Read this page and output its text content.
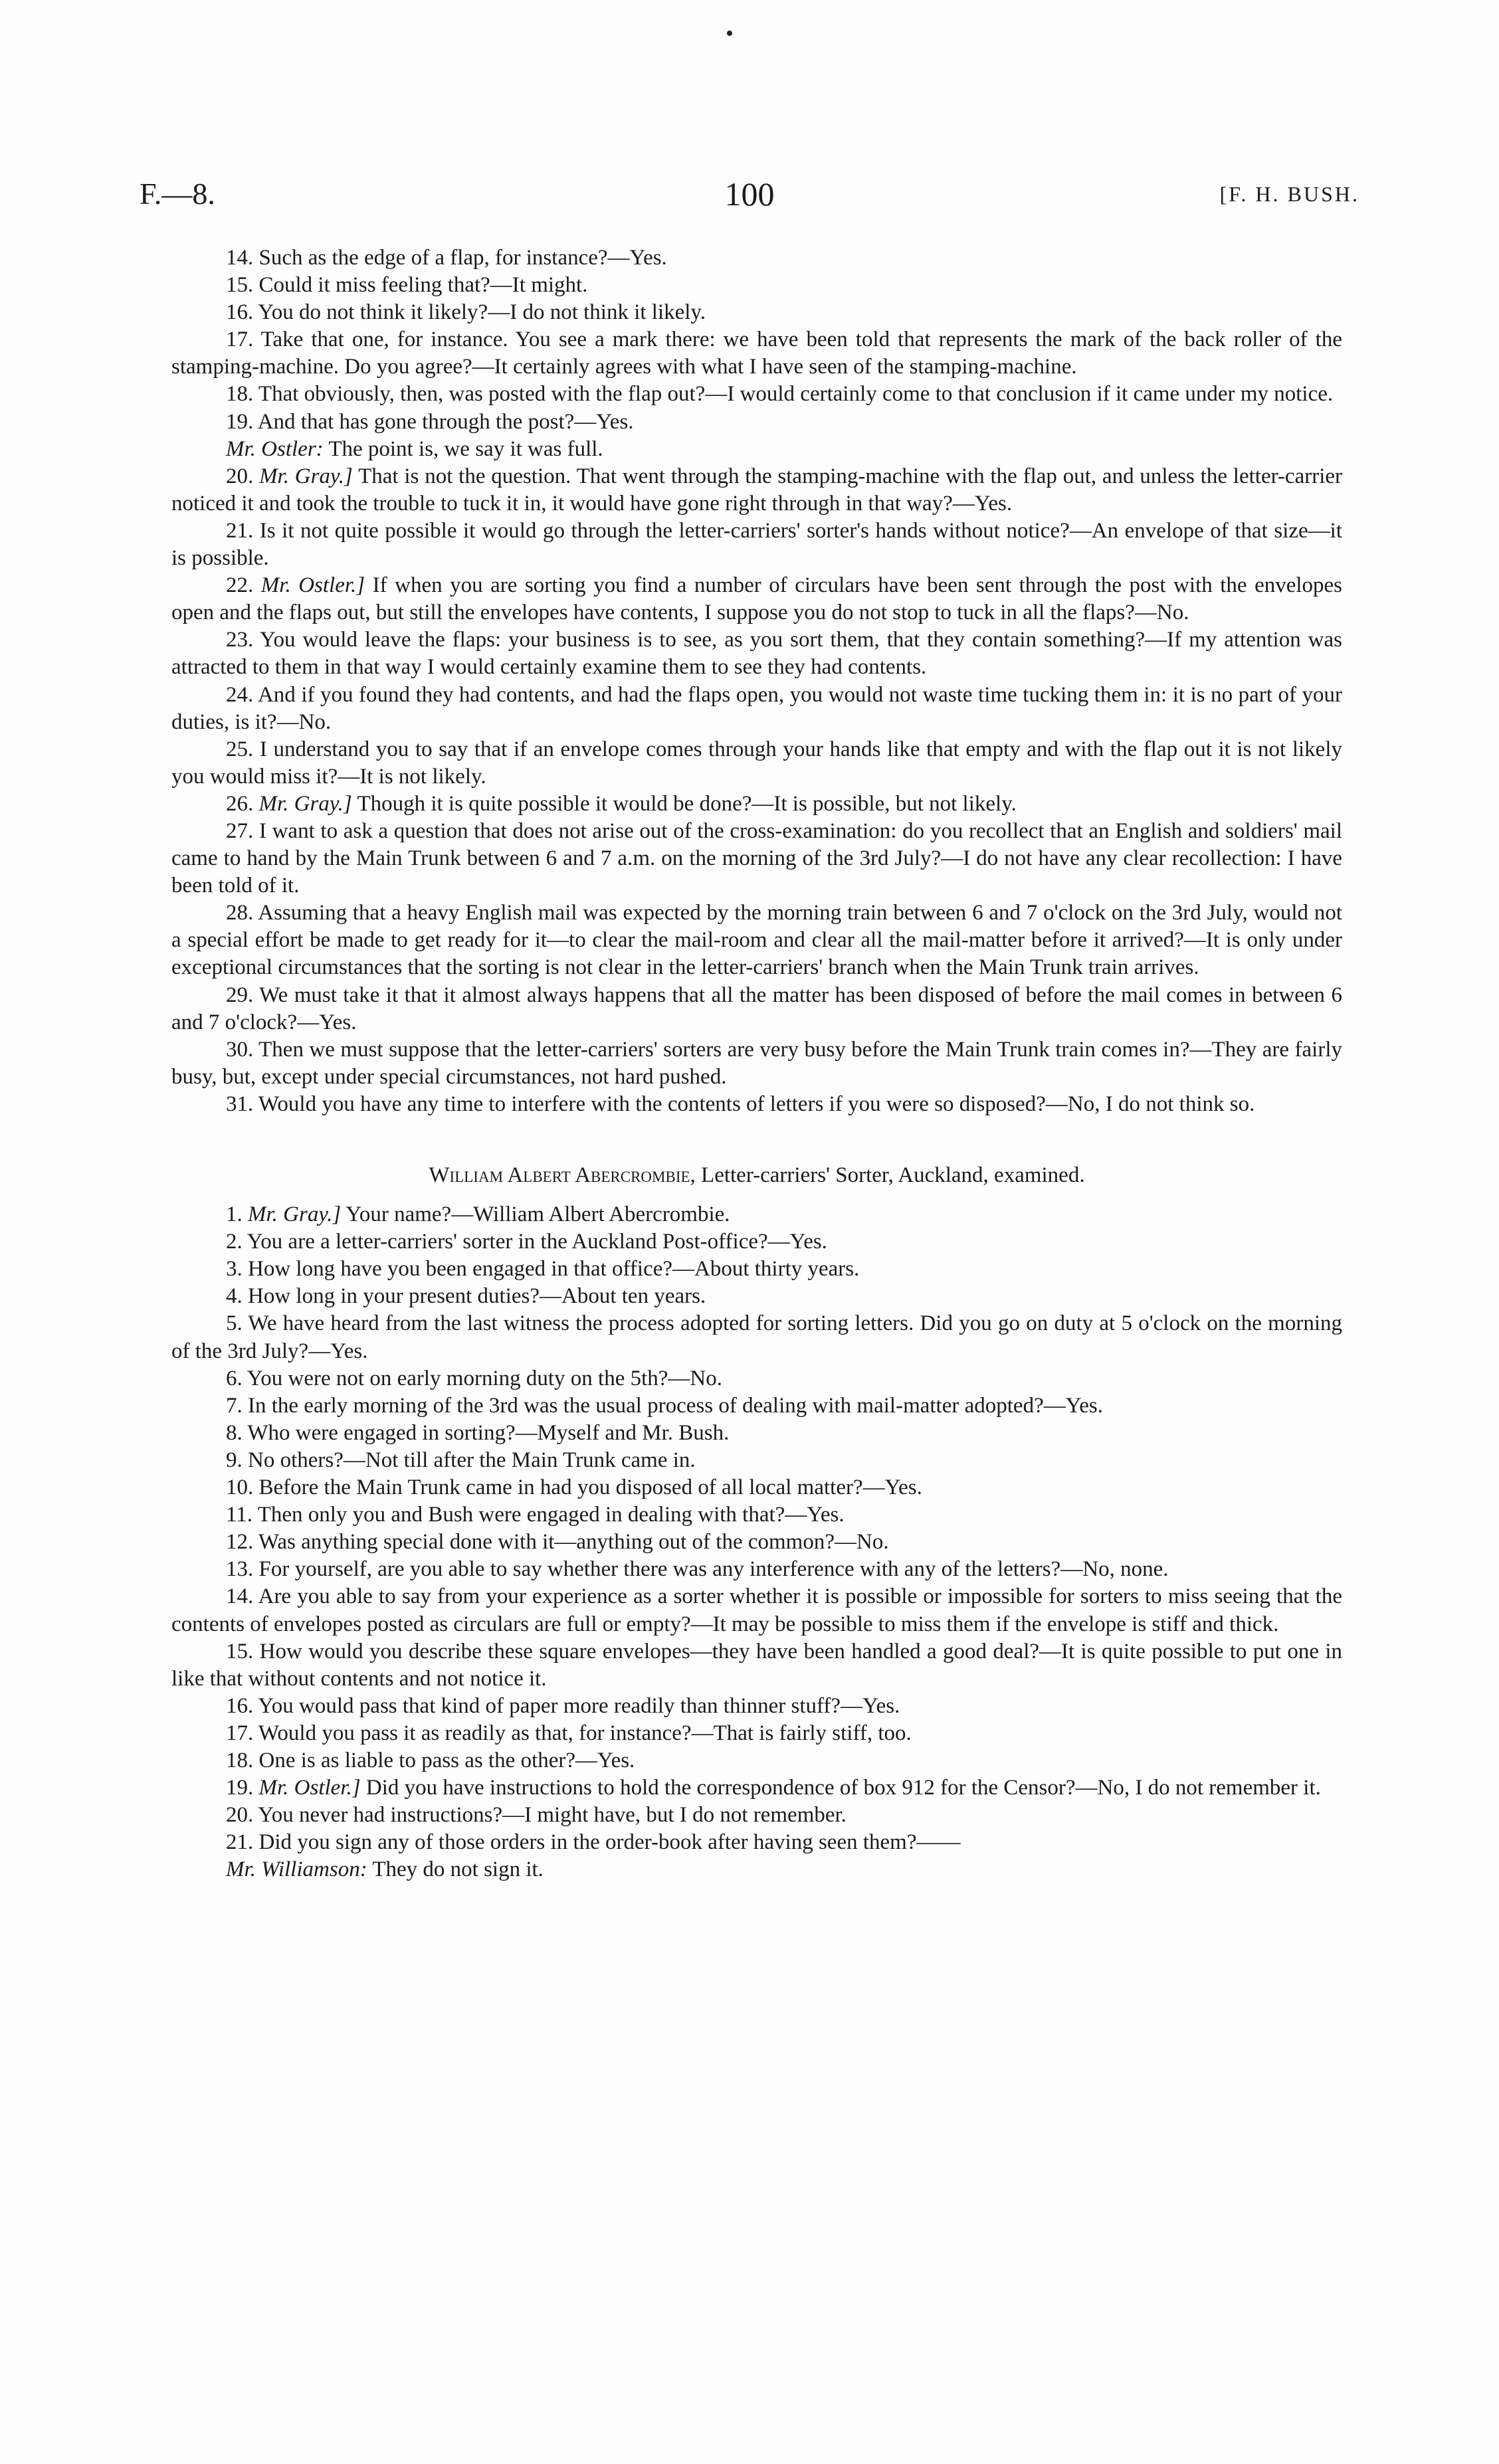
F.—8.	100	[F. H. BUSH.

14. Such as the edge of a flap, for instance?—Yes.

15. Could it miss feeling that?—It might.

16. You do not think it likely?—I do not think it likely.

17. Take that one, for instance. You see a mark there: we have been told that represents the mark of the back roller of the stamping-machine. Do you agree?—It certainly agrees with what I have seen of the stamping-machine.

18. That obviously, then, was posted with the flap out?—I would certainly come to that conclusion if it came under my notice.

19. And that has gone through the post?—Yes.

Mr. Ostler: The point is, we say it was full.

20. Mr. Gray.] That is not the question. That went through the stamping-machine with the flap out, and unless the letter-carrier noticed it and took the trouble to tuck it in, it would have gone right through in that way?—Yes.

21. Is it not quite possible it would go through the letter-carriers' sorter's hands without notice?—An envelope of that size—it is possible.

22. Mr. Ostler.] If when you are sorting you find a number of circulars have been sent through the post with the envelopes open and the flaps out, but still the envelopes have contents, I suppose you do not stop to tuck in all the flaps?—No.

23. You would leave the flaps: your business is to see, as you sort them, that they contain something?—If my attention was attracted to them in that way I would certainly examine them to see they had contents.

24. And if you found they had contents, and had the flaps open, you would not waste time tucking them in: it is no part of your duties, is it?—No.

25. I understand you to say that if an envelope comes through your hands like that empty and with the flap out it is not likely you would miss it?—It is not likely.

26. Mr. Gray.] Though it is quite possible it would be done?—It is possible, but not likely.

27. I want to ask a question that does not arise out of the cross-examination: do you recollect that an English and soldiers' mail came to hand by the Main Trunk between 6 and 7 a.m. on the morning of the 3rd July?—I do not have any clear recollection: I have been told of it.

28. Assuming that a heavy English mail was expected by the morning train between 6 and 7 o'clock on the 3rd July, would not a special effort be made to get ready for it—to clear the mail-room and clear all the mail-matter before it arrived?—It is only under exceptional circumstances that the sorting is not clear in the letter-carriers' branch when the Main Trunk train arrives.

29. We must take it that it almost always happens that all the matter has been disposed of before the mail comes in between 6 and 7 o'clock?—Yes.

30. Then we must suppose that the letter-carriers' sorters are very busy before the Main Trunk train comes in?—They are fairly busy, but, except under special circumstances, not hard pushed.

31. Would you have any time to interfere with the contents of letters if you were so disposed?—No, I do not think so.

William Albert Abercrombie, Letter-carriers' Sorter, Auckland, examined.

1. Mr. Gray.] Your name?—William Albert Abercrombie.

2. You are a letter-carriers' sorter in the Auckland Post-office?—Yes.

3. How long have you been engaged in that office?—About thirty years.

4. How long in your present duties?—About ten years.

5. We have heard from the last witness the process adopted for sorting letters. Did you go on duty at 5 o'clock on the morning of the 3rd July?—Yes.

6. You were not on early morning duty on the 5th?—No.

7. In the early morning of the 3rd was the usual process of dealing with mail-matter adopted?—Yes.

8. Who were engaged in sorting?—Myself and Mr. Bush.

9. No others?—Not till after the Main Trunk came in.

10. Before the Main Trunk came in had you disposed of all local matter?—Yes.

11. Then only you and Bush were engaged in dealing with that?—Yes.

12. Was anything special done with it—anything out of the common?—No.

13. For yourself, are you able to say whether there was any interference with any of the letters?—No, none.

14. Are you able to say from your experience as a sorter whether it is possible or impossible for sorters to miss seeing that the contents of envelopes posted as circulars are full or empty?—It may be possible to miss them if the envelope is stiff and thick.

15. How would you describe these square envelopes—they have been handled a good deal?—It is quite possible to put one in like that without contents and not notice it.

16. You would pass that kind of paper more readily than thinner stuff?—Yes.

17. Would you pass it as readily as that, for instance?—That is fairly stiff, too.

18. One is as liable to pass as the other?—Yes.

19. Mr. Ostler.] Did you have instructions to hold the correspondence of box 912 for the Censor?—No, I do not remember it.

20. You never had instructions?—I might have, but I do not remember.

21. Did you sign any of those orders in the order-book after having seen them?——

Mr. Williamson: They do not sign it.
